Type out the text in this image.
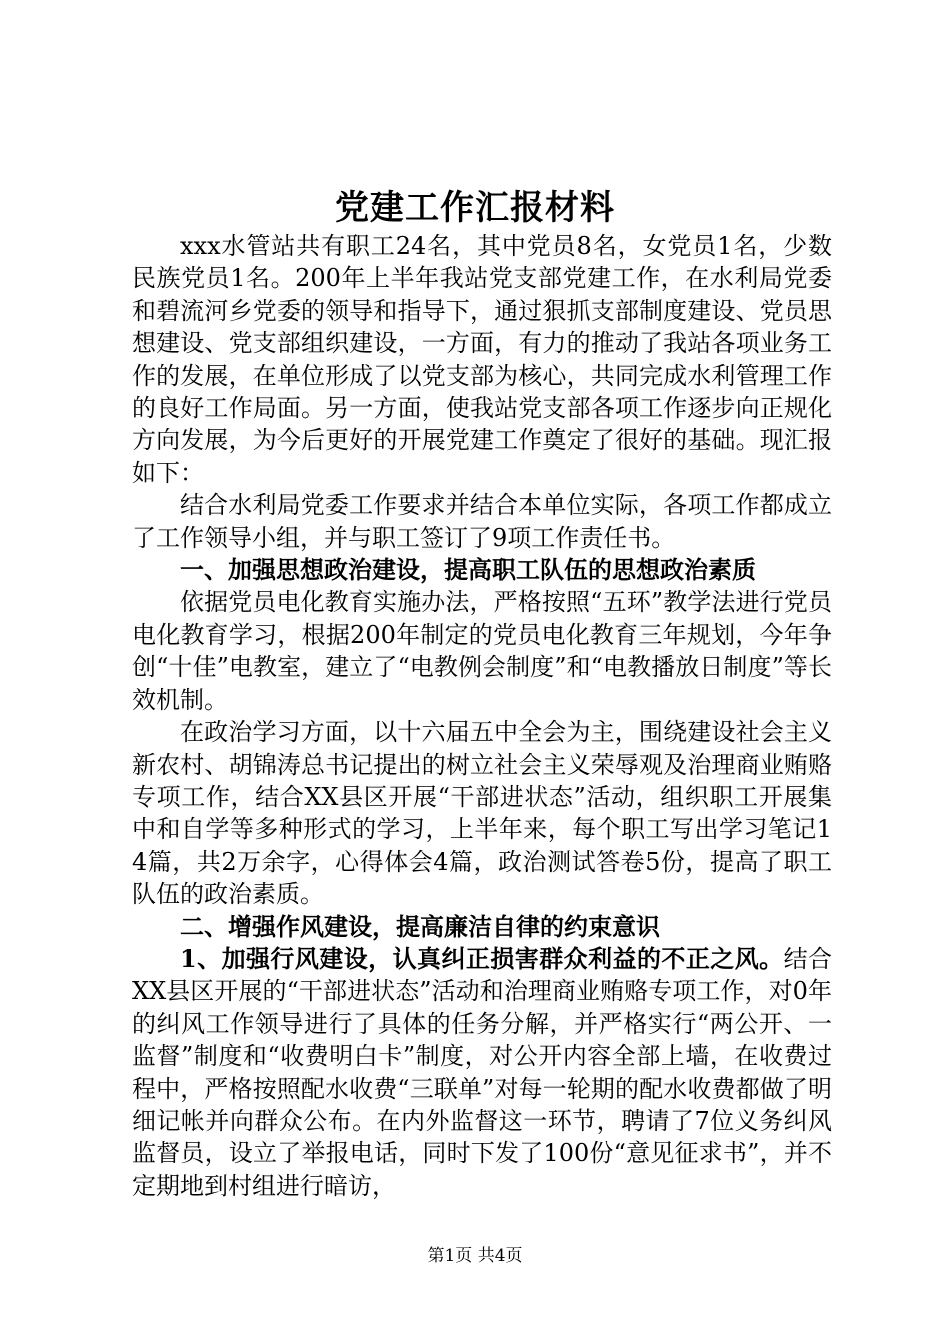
党建工作汇报材料

xxx水管站共有职工24名，其中党员8名，女党员1名，少数民族党员1名。200年上半年我站党支部党建工作，在水利局党委和碧流河乡党委的领导和指导下，通过狠抓支部制度建设、党员思想建设、党支部组织建设，一方面，有力的推动了我站各项业务工作的发展，在单位形成了以党支部为核心，共同完成水利管理工作的良好工作局面。另一方面，使我站党支部各项工作逐步向正规化方向发展，为今后更好的开展党建工作奠定了很好的基础。现汇报如下：

结合水利局党委工作要求并结合本单位实际，各项工作都成立了工作领导小组，并与职工签订了9项工作责任书。

一、加强思想政治建设，提高职工队伍的思想政治素质

依据党员电化教育实施办法，严格按照“五环”教学法进行党员电化教育学习，根据200年制定的党员电化教育三年规划，今年争创“十佳”电教室，建立了“电教例会制度”和“电教播放日制度”等长效机制。

在政治学习方面，以十六届五中全会为主，围绕建设社会主义新农村、胡锦涛总书记提出的树立社会主义荣辱观及治理商业贿赂专项工作，结合XX县区开展“干部进状态”活动，组织职工开展集中和自学等多种形式的学习，上半年来，每个职工写出学习笔记14篇，共2万余字，心得体会4篇，政治测试答卷5份，提高了职工队伍的政治素质。

二、增强作风建设，提高廉洁自律的约束意识

1、加强行风建设，认真纠正损害群众利益的不正之风。结合XX县区开展的“干部进状态”活动和治理商业贿赂专项工作，对0年的纠风工作领导进行了具体的任务分解，并严格实行“两公开、一监督”制度和“收费明白卡”制度，对公开内容全部上墙，在收费过程中，严格按照配水收费“三联单”对每一轮期的配水收费都做了明细记帐并向群众公布。在内外监督这一环节，聘请了7位义务纠风监督员，设立了举报电话，同时下发了100份“意见征求书”，并不定期地到村组进行暗访，

第1页 共4页
